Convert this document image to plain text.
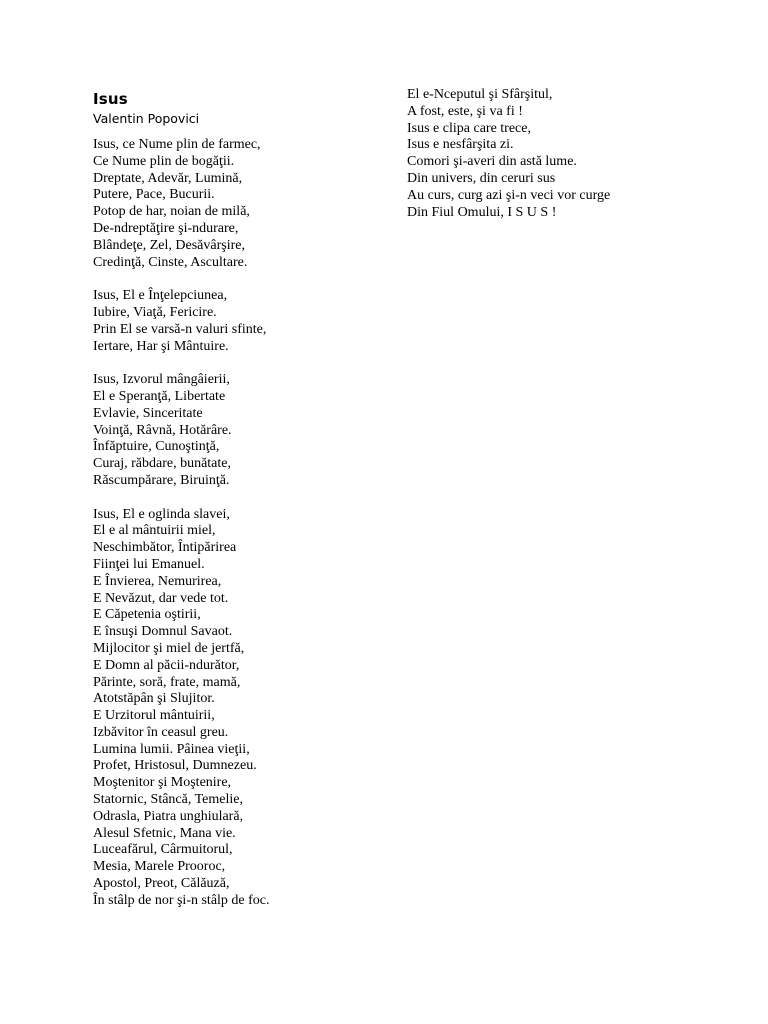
Isus
Valentin Popovici

Isus, ce Nume plin de farmec,
Ce Nume plin de bogăţii.
Dreptate, Adevăr, Lumină,
Putere, Pace, Bucurii.
Potop de har, noian de milă,
De-ndreptăţire şi-ndurare,
Blândeţe, Zel, Desăvârşire,
Credinţă, Cinste, Ascultare.

Isus, El e Înţelepciunea,
Iubire, Viaţă, Fericire.
Prin El se varsă-n valuri sfinte,
Iertare, Har şi Mântuire.

Isus, Izvorul mângâierii,
El e Speranţă, Libertate
Evlavie, Sinceritate
Voinţă, Râvnă, Hotărâre.
Înfăptuire, Cunoştinţă,
Curaj, răbdare, bunătate,
Răscumpărare, Biruinţă.

Isus, El e oglinda slavei,
El e al mântuirii miel,
Neschimbător, Întipărirea
Fiinţei lui Emanuel.
E Învierea, Nemurirea,
E Nevăzut, dar vede tot.
E Căpetenia oştirii,
E însuşi Domnul Savaot.
Mijlocitor şi miel de jertfă,
E Domn al păcii-ndurător,
Părinte, soră, frate, mamă,
Atotstăpân şi Slujitor.
E Urzitorul mântuirii,
Izbăvitor în ceasul greu.
Lumina lumii. Pâinea vieţii,
Profet, Hristosul, Dumnezeu.
Moştenitor şi Moştenire,
Statornic, Stâncă, Temelie,
Odrasla, Piatra unghiulară,
Alesul Sfetnic, Mana vie.
Luceafărul, Cârmuitorul,
Mesia, Marele Prooroc,
Apostol, Preot, Călăuză,
În stâlp de nor şi-n stâlp de foc.

El e-Nceputul şi Sfârşitul,
A fost, este, şi va fi !
Isus e clipa care trece,
Isus e nesfârşita zi.
Comori şi-averi din astă lume.
Din univers, din ceruri sus
Au curs, curg azi şi-n veci vor curge
Din Fiul Omului, I S U S !
